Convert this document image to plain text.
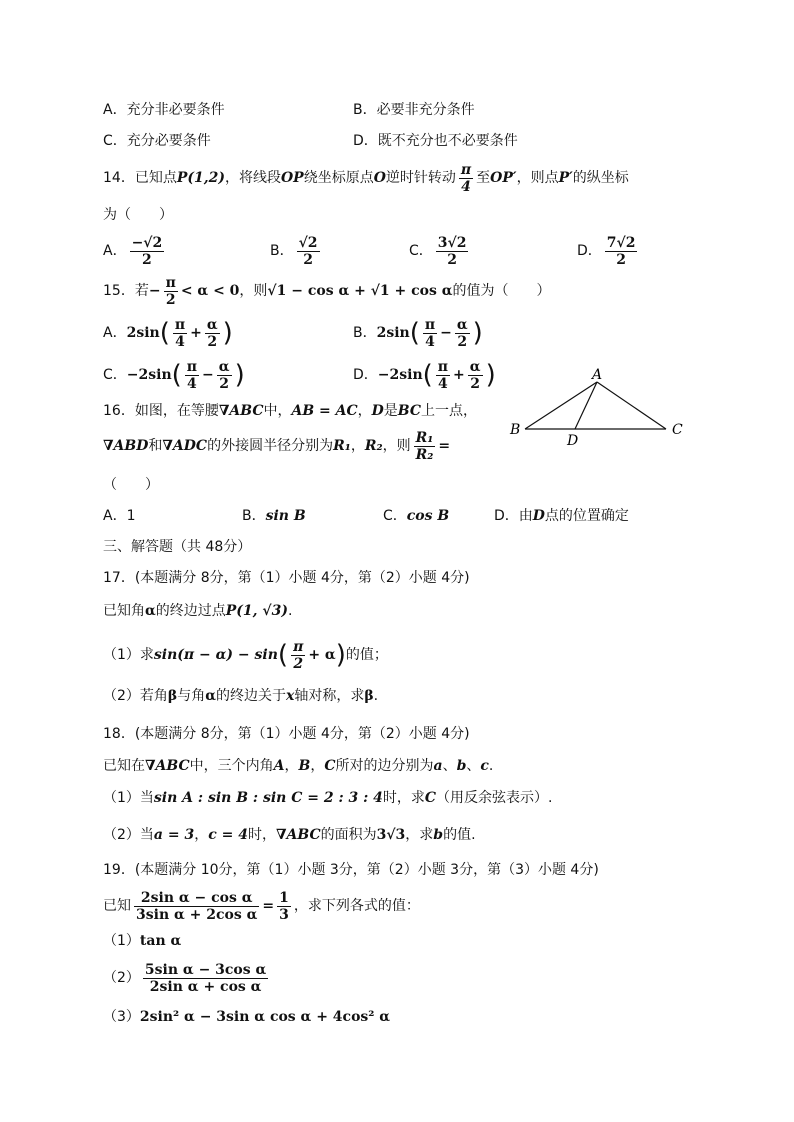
A．充分非必要条件	B．必要非充分条件
C．充分必要条件	D．既不充分也不必要条件
14．已知点P(1,2)，将线段OP绕坐标原点O逆时针转动 $\frac{\pi}{4}$ 至OP′，则点P′的纵坐标
为（　　）
A． $\frac{-√2}{2}$	B． $\frac{√2}{2}$	C． $\frac{3√2}{2}$	D． $\frac{7√2}{2}$
15．若− $\frac{\pi}{2} < \alpha < 0$，则√1 − cos α + √1 + cos α的值为（　　）
A．$2\sin( \frac{\pi}{4} + \frac{\alpha}{2}$ )	B．$2\sin( \frac{\pi}{4} - \frac{\alpha}{2}$ )
C．$-2\sin( \frac{\pi}{4} - \frac{\alpha}{2}$ )	D．$-2\sin( \frac{\pi}{4} + \frac{\alpha}{2}$ )
16．如图，在等腰∇ABC中，AB = AC，D是BC上一点，
∇ABD和∇ADC的外接圆半径分别为R₁，R₂，则 $\frac{\text{R₁}}{\text{R₂}}$ =
（　　）
A．1	B．sin B	C．cos B	D．由D点的位置确定
A
B	C
D
三、解答题（共 48分）
17．(本题满分 8分，第（1）小题 4分，第（2）小题 4分)
已知角α的终边过点P(1, √3).
（1）求$\sin(\pi - \alpha) - \sin( \frac{\pi}{2} + \alpha)$的值；
（2）若角β与角α的终边关于x轴对称，求β.
18．(本题满分 8分，第（1）小题 4分，第（2）小题 4分)
已知在∇ABC中，三个内角A，B，C所对的边分别为a、b、c.
（1）当sin A : sin B : sin C = 2 : 3 : 4时，求C（用反余弦表示）.
（2）当a = 3，c = 4时，∇ABC的面积为3√3，求b的值.
19．(本题满分 10分，第（1）小题 3分，第（2）小题 3分，第（3）小题 4分)
已知 $\frac{\text{2sin α − cos α}}{\text{3sin α + 2cos α}} = \frac{1}{3}$ ，求下列各式的值：
（1）tan α
$(2) \frac{\text{5sin α − 3cos α}}{\text{2sin α + cos α}}$
（3）2sin² α − 3sin α cos α + 4cos² α
